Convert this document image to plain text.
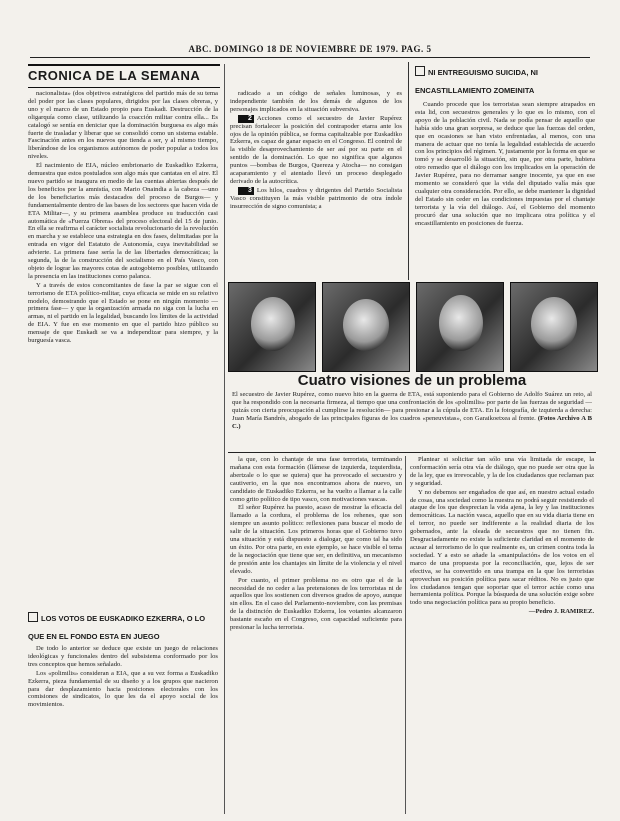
ABC. DOMINGO 18 DE NOVIEMBRE DE 1979. PAG. 5
CRONICA DE LA SEMANA

nacionalista» (dos objetivos estratégicos del partido más de su tema del poder por las clases populares, dirigidos por las clases obreras, y uno y el marco de un Estado propio para Euskadi. Destrucción de la oligarquía como clase, utilizando la coacción militar contra ella... Es catalogó se sentía en deniciar que la dominación burguesa es algo más fuerte de trasladar y liberar que se consolidó como un sistema estable. Fascinación antes en los nuevos que tienda a ser, y al mismo tiempo, liberándose de los organismos autónomos de poder popular a todos los niveles.

El nacimiento de EIA, núcleo embrionario de Euskadiko Ezkerra, demuestra que estos postulados son algo más que cantatas en el aire. El nuevo partido se inaugura en medio de las cuentas abiertas después de los beneficios por la amnistía, con Mario Onaindia a la cabeza —uno de los beneficiarios más destacados del proceso de Burgos— y fundamentalmente dentro de las bases de los sectores que hacen vida de ETA Militar—, y su primera asamblea produce su traducción casi automática de «Fuerza Obrera» del proceso electoral del 15 de junio. En ella se reafirma el carácter socialista revolucionario de la revolución en marcha y se establece una estrategia en dos fases, delimitadas por la entrada en vigor del Estatuto de Autonomía, cuya inevitabilidad se advierte. La primera fase sería la de las libertades democráticas; la segunda, la de la construcción del socialismo en el País Vasco, con objeto de lograr las mayores cotas de autogobierno posibles, utilizando la presencia en las instituciones como palanca.

Y a través de estos concomitantes de fase la par se sigue con el terrorismo de ETA político-militar, cuya eficacia se mide en su relativo modelo, demostrando que el Estado se pone en ningún momento —primera fase— y que la organización armada no siga con la lucha en armas, ni el partido en la legalidad, buscando los límites de la actividad de EIA. Y fue en ese momento en que el partido hizo público su mensaje de que Euskadi se va a independizar para siempre, y la burguesía vasca.

LOS VOTOS DE EUSKADIKO EZKERRA, O LO QUE EN EL FONDO ESTA EN JUEGO

De todo lo anterior se deduce que existe un juego de relaciones ideológicas y funcionales dentro del subsistema conformado por los tres conceptos que hemos señalado.

Los «polimilis» consideran a EIA, que a su vez forma a Euskadiko Ezkerra, pieza fundamental de su diseño y a los grupos que nacieron para dar desplazamiento hacia posiciones electorales con los comisiones de sindicatos, lo que les da el apoyo social de los movimientos.

radicado a un código de señales luminosas, y es independiente también de los demás de algunos de los personajes implicados en la situación subversiva.

2 Acciones como el secuestro de Javier Rupérez precisan fortalecer la posición del contrapoder etarra ante los ojos de la opinión pública, se forma capitalizable por Euskadiko Ezkerra, es capaz de ganar espacio en el Congreso. El control de la visible desaprovechamiento de ser así por su parte en el sentido de la dominación. Lo que no significa que algunos puntos —bombas de Burgos, Quereza y Atocha— no consigan acaparamiento y el atentado llevó un proceso desplegado derivado de la autocrítica.

3 Los hilos, cuadros y dirigentes del Partido Socialista Vasco constituyen la más visible patrimonio de otra índole insurrección de signo comunista; a

NI ENTREGUISMO SUICIDA, NI ENCASTILLAMIENTO ZOMEINITA

Cuando procede que los terroristas sean siempre atrapados en esta lid, con secuestros generales y lo que es lo mismo, con el apoyo de la población civil. Nada se podía pensar de aquello que había sido una gran sorpresa, se deduce que las fuerzas del orden, que en ocasiones se han visto enfrentadas, al menos, con una manera de actuar que no tenía la legalidad establecida de acuerdo con los principios del régimen. Y, justamente por la forma en que se tomó y se desarrolló la situación, sin que, por otra parte, hubiera otro remedio que el diálogo con los implicados en la operación de Javier Rupérez, para no derramar sangre inocente, ya que en ese momento se consideró que la vida del diputado valía más que cualquier otra consideración. Por ello, se debe mantener la dignidad del Estado sin ceder en las condiciones impuestas por el chantaje terrorista y la vía del diálogo. Así, el Gobierno del momento procuró dar una solución que no implicara otra política y el encastillamiento en posiciones de fuerza.

Cuatro visiones de un problema
El secuestro de Javier Rupérez, como nuevo hito en la guerra de ETA, está suponiendo para el Gobierno de Adolfo Suárez un reto, al que ha respondido con la necesaria firmeza, al tiempo que una confrontación de los «polimilis» por parte de las fuerzas de seguridad —quizás con cierta preocupación al cumplirse la resolución— para presionar a la cúpula de ETA. En la fotografía, de izquierda a derecha: Juan María Bandrés, abogado de las principales figuras de los cuadros «peneuvistas», con Garaikoetxea al frente. (Fotos Archivo A B C.)

la que, con lo chantaje de una fase terrorista, terminando mañana con esta formación (llámese de izquierda, izquierdista, abertzale o lo que se quiera) que ha provocado el secuestro y cautiverio, en la que nos encontramos ahora de nuevo, un candidato de Euskadiko Ezkerra, se ha vuelto a llamar a la calle como grito político de tipo vasco, con motivaciones vascas.

El señor Rupérez ha puesto, acaso de mostrar la eficacia del llamado a la cordura, el problema de los rehenes, que son siempre un asunto político: reflexiones para buscar el modo de salir de la situación. Los primeros horas que el Gobierno tuvo una situación y está dispuesto a dialogar, que como tal ha sido un éxito. Por otra parte, en este ejemplo, se hace visible el tema de la negociación que tiene que ser, en definitiva, un mecanismo de presión ante los chantajes sin límite de la violencia y el nivel elevado.

Por cuanto, el primer problema no es otro que el de la necesidad de no ceder a las pretensiones de los terroristas ni de aquellos que los sostienen con diversos grados de apoyo, aunque sin ellos. En el caso del Parlamento-noviembre, con las premisas de la distinción de Euskadiko Ezkerra, los votantes alcanzaron bastante escaño en el Congreso, con capacidad suficiente para presionar la lucha terrorista.

Plantear si solicitar tan sólo una vía limitada de escape, la conformación sería otra vía de diálogo, que no puede ser otra que la de la ley, que es irrevocable, y la de los ciudadanos que reclaman paz y seguridad.

Y no debemos ser engañados de que así, en nuestro actual estado de cosas, una sociedad como la nuestra no podrá seguir resistiendo el ataque de los que desprecian la vida ajena, la ley y las instituciones democráticas. La nación vasca, aquello que en su vida diaria tiene en el terror, no puede ser indiferente a la realidad diaria de los gobernados, ante la oleada de secuestros que no tienen fin. Desgraciadamente no existe la suficiente claridad en el momento de acusar al terrorismo de lo que realmente es, un crimen contra toda la sociedad. Y a esto se añade la «manipulación» de los votos en el marco de una propuesta por la reconciliación, que, lejos de ser efectiva, se ha convertido en una trampa en la que los terroristas aprovechan su posición política para sacar réditos. No es justo que los ciudadanos tengan que soportar que el terror actúe como una herramienta política. Porque la búsqueda de una solución exige sobre todo una negociación política para su propio beneficio.

—Pedro J. RAMIREZ.
